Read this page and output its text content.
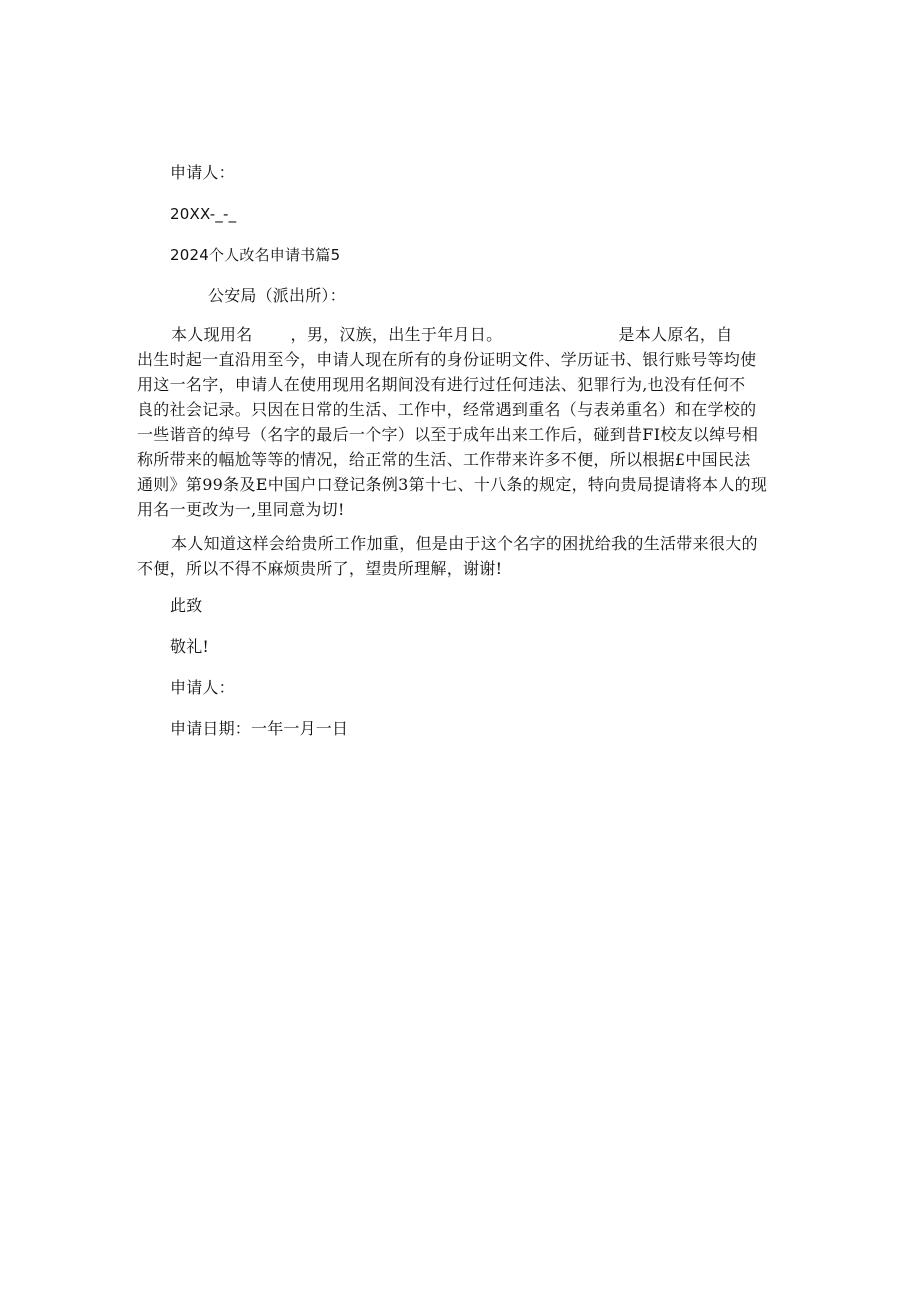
申请人：
20XX-_-_
2024个人改名申请书篇5
公安局（派出所）：
本人现用名 ，男，汉族，出生于年月日。	是本人原名，自
出生时起一直沿用至今，申请人现在所有的身份证明文件、学历证书、银行账号等均使
用这一名字，申请人在使用现用名期间没有进行过任何违法、犯罪行为,也没有任何不
良的社会记录。只因在日常的生活、工作中，经常遇到重名（与表弟重名）和在学校的
一些谐音的绰号（名字的最后一个字）以至于成年出来工作后，碰到昔FI校友以绰号相
称所带来的幅尬等等的情况，给正常的生活、工作带来许多不便，所以根据£中国民法
通则》第99条及E中国户口登记条例3第十七、十八条的规定，特向贵局提请将本人的现
用名一更改为一,里同意为切!
本人知道这样会给贵所工作加重，但是由于这个名字的困扰给我的生活带来很大的
不便，所以不得不麻烦贵所了，望贵所理解，谢谢!
此致
敬礼!
申请人：
申请日期：一年一月一日
